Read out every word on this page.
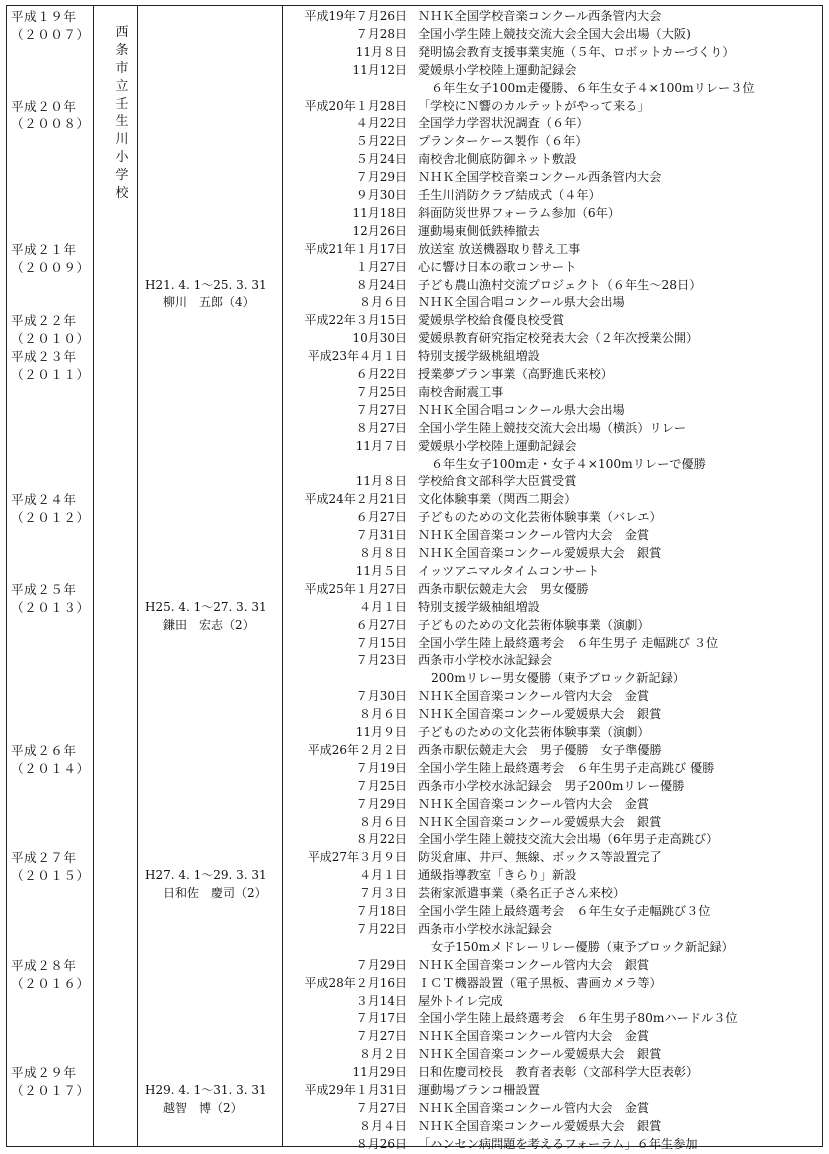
平成１９年
（２００７）
平成２０年
（２００８）
平成２１年
（２００９）
平成２２年
（２０１０）
平成２３年
（２０１１）
平成２４年
（２０１２）
平成２５年
（２０１３）
平成２６年
（２０１４）
平成２７年
（２０１５）
平成２８年
（２０１６）
平成２９年
（２０１７）
西
条
市
立
壬
生
川
小
学
校
H21. 4. 1～25. 3. 31
柳川　五郎（4）
H25. 4. 1～27. 3. 31
鎌田　宏志（2）
H27. 4. 1～29. 3. 31
日和佐　慶司（2）
H29. 4. 1～31. 3. 31
越智　博（2）
平成19年７月26日 ＮＨＫ全国学校音楽コンクール西条管内大会
７月28日 全国小学生陸上競技交流大会全国大会出場（大阪)
11月８日 発明協会教育支援事業実施（５年、ロボットカーづくり）
11月12日 愛媛県小学校陸上運動記録会
６年生女子100m走優勝、６年生女子４×100mリレー３位
平成20年１月28日 「学校にＮ響のカルテットがやって来る」
４月22日 全国学力学習状況調査（６年）
５月22日 プランターケース製作（６年）
５月24日 南校舎北側底防御ネット敷設
７月29日 ＮＨＫ全国学校音楽コンクール西条管内大会
９月30日 壬生川消防クラブ結成式（４年）
11月18日 斜面防災世界フォーラム参加（6年）
12月26日 運動場東側低鉄棒撤去
平成21年１月17日 放送室 放送機器取り替え工事
１月27日 心に響け日本の歌コンサート
８月24日 子ども農山漁村交流プロジェクト（６年生～28日）
８月６日 ＮＨＫ全国合唱コンクール県大会出場
平成22年３月15日 愛媛県学校給食優良校受賞
10月30日 愛媛県教育研究指定校発表大会（２年次授業公開）
平成23年４月１日 特別支援学級桃組増設
６月22日 授業夢プラン事業（高野進氏来校）
７月25日 南校舎耐震工事
７月27日 ＮＨＫ全国合唱コンクール県大会出場
８月27日 全国小学生陸上競技交流大会出場（横浜）リレー
11月７日 愛媛県小学校陸上運動記録会
６年生女子100m走・女子４×100mリレーで優勝
11月８日 学校給食文部科学大臣賞受賞
平成24年２月21日 文化体験事業（関西二期会）
６月27日 子どものための文化芸術体験事業（バレエ）
７月31日 ＮＨＫ全国音楽コンクール管内大会　金賞
８月８日 ＮＨＫ全国音楽コンクール愛媛県大会　銀賞
11月５日 イッツアニマルタイムコンサート
平成25年１月27日 西条市駅伝競走大会　男女優勝
４月１日 特別支援学級柚組増設
６月27日 子どものための文化芸術体験事業（演劇）
７月15日 全国小学生陸上最終選考会　６年生男子 走幅跳び ３位
７月23日 西条市小学校水泳記録会
200mリレー男女優勝（東予ブロック新記録）
７月30日 ＮＨＫ全国音楽コンクール管内大会　金賞
８月６日 ＮＨＫ全国音楽コンクール愛媛県大会　銀賞
11月９日 子どものための文化芸術体験事業（演劇）
平成26年２月２日 西条市駅伝競走大会　男子優勝　女子準優勝
７月19日 全国小学生陸上最終選考会　６年生男子走高跳び 優勝
７月25日 西条市小学校水泳記録会　男子200mリレー優勝
７月29日 ＮＨＫ全国音楽コンクール管内大会　金賞
８月６日 ＮＨＫ全国音楽コンクール愛媛県大会　銀賞
８月22日 全国小学生陸上競技交流大会出場（6年男子走高跳び）
平成27年３月９日 防災倉庫、井戸、無線、ボックス等設置完了
４月１日 通級指導教室「きらり」新設
７月３日 芸術家派遣事業（桑名正子さん来校）
７月18日 全国小学生陸上最終選考会　６年生女子走幅跳び３位
７月22日 西条市小学校水泳記録会
女子150mメドレーリレー優勝（東予ブロック新記録）
７月29日 ＮＨＫ全国音楽コンクール管内大会　銀賞
平成28年２月16日 ＩＣＴ機器設置（電子黒板、書画カメラ等）
３月14日 屋外トイレ完成
７月17日 全国小学生陸上最終選考会　６年生男子80mハードル３位
７月27日 ＮＨＫ全国音楽コンクール管内大会　金賞
８月２日 ＮＨＫ全国音楽コンクール愛媛県大会　銀賞
11月29日 日和佐慶司校長　教育者表彰（文部科学大臣表彰）
平成29年１月31日 運動場ブランコ柵設置
７月27日 ＮＨＫ全国音楽コンクール管内大会　金賞
８月４日 ＮＨＫ全国音楽コンクール愛媛県大会　銀賞
８月26日 「ハンセン病問題を考えるフォーラム」６年生参加
